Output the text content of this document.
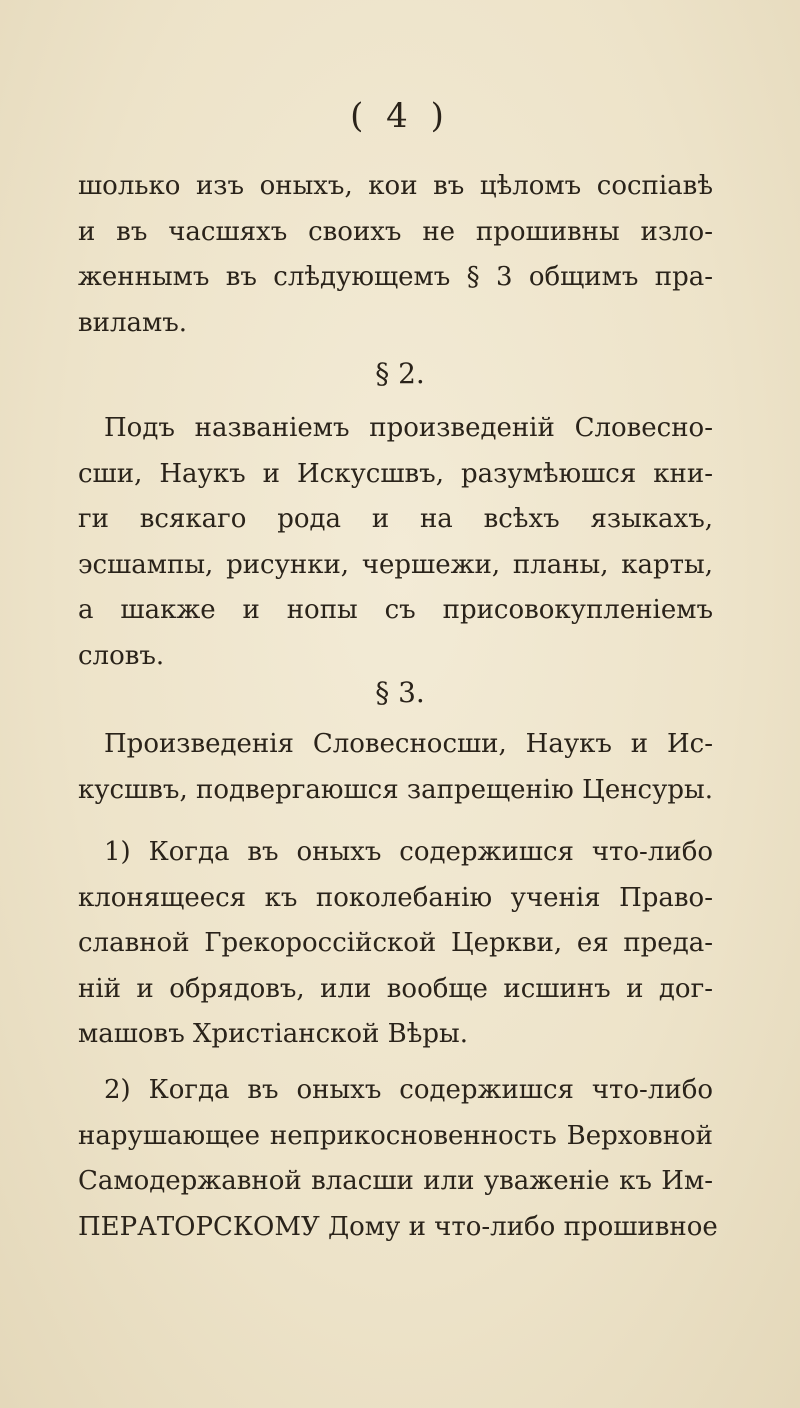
( 4 )
шолько изъ оныхъ, кои въ цѣломъ соспіавѣ
и въ часшяхъ своихъ не прошивны изло-
женнымъ въ слѣдующемъ § 3 общимъ пра-
виламъ.
§ 2.
Подъ названіемъ произведеній Словесно-
сши, Наукъ и Искусшвъ, разумѣюшся кни-
ги всякаго рода и на всѣхъ языкахъ,
эсшампы, рисунки, чершежи, планы, карты,
а шакже и нопы съ присовокупленіемъ
словъ.
§ 3.
Произведенія Словесносши, Наукъ и Ис-
кусшвъ, подвергаюшся запрещенію Ценсуры.
1) Когда въ оныхъ содержишся что-либо
клонящееся къ поколебанію ученія Право-
славной Грекороссійской Церкви, ея преда-
ній и обрядовъ, или вообще исшинъ и дог-
машовъ Христіанской Вѣры.
2) Когда въ оныхъ содержишся что-либо
нарушающее неприкосновенность Верховной
Самодержавной власши или уваженіе къ Им-
ПЕРАТОРСКОМУ Дому и что-либо прошивное
